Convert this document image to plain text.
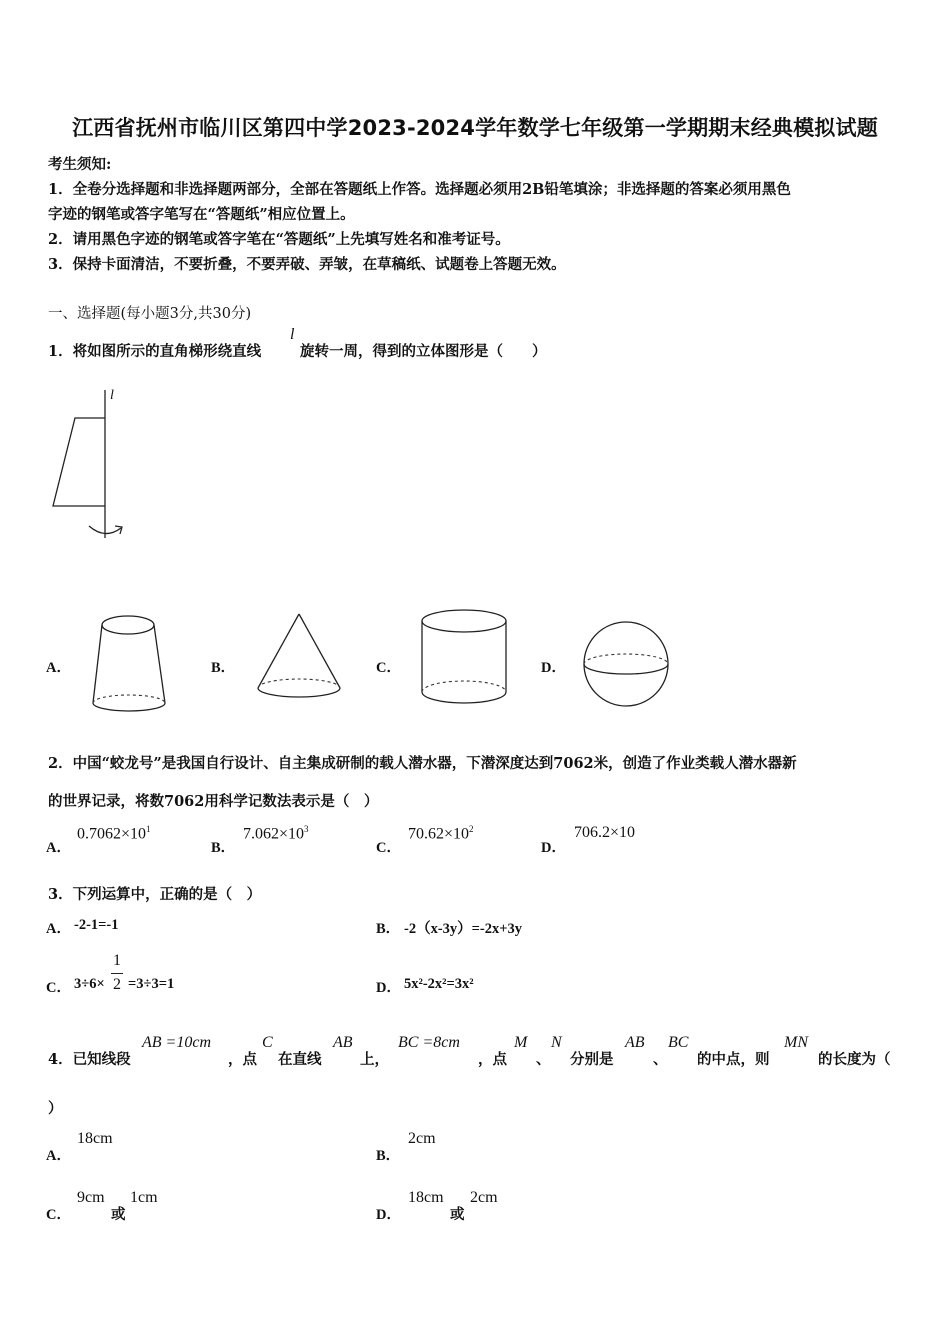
江西省抚州市临川区第四中学2023-2024学年数学七年级第一学期期末经典模拟试题
考生须知:
1．全卷分选择题和非选择题两部分，全部在答题纸上作答。选择题必须用2B铅笔填涂；非选择题的答案必须用黑色
字迹的钢笔或答字笔写在“答题纸”相应位置上。
2．请用黑色字迹的钢笔或答字笔在“答题纸”上先填写姓名和准考证号。
3．保持卡面清洁，不要折叠，不要弄破、弄皱，在草稿纸、试题卷上答题无效。
一、选择题(每小题3分,共30分)
1．将如图所示的直角梯形绕直线
l
旋转一周，得到的立体图形是（　　）
l
A．	B．	C．	D．
2．中国“蛟龙号”是我国自行设计、自主集成研制的载人潜水器，下潜深度达到7062米，创造了作业类载人潜水器新
的世界记录，将数7062用科学记数法表示是（　）
A．
$0.7062\times 10^1$
B．
$7.062\times 10^3$
C．
$70.62\times 10^2$
D．
706.2×10
3．下列运算中，正确的是（　）
A． -2-1=-1	B． -2（x-3y）=-2x+3y
C． 3÷6×
1
2 =3÷3=1	D． 5x²-2x²=3x²
4．已知线段
AB =10cm
，点
C
在直线
AB
上，
BC =8cm
，点
M
、
N
分别是
AB
、
BC
的中点，则
MN
的长度为（
）
A．
18cm
B．
2cm
C．
9cm
或
1cm
D．
18cm
或
2cm
